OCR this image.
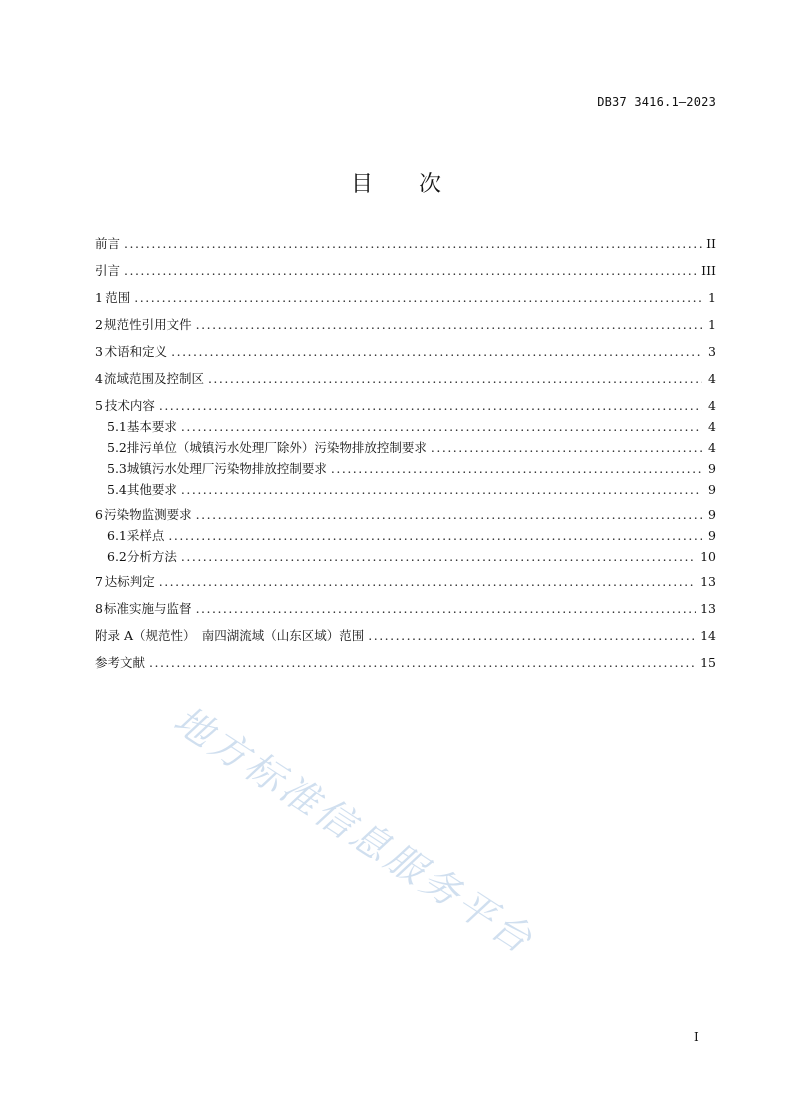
DB37 3416.1—2023
目 次
前言 .....	II
引言 .....	III
1 范围 .....	1
2 规范性引用文件 .....	1
3 术语和定义 .....	3
4 流域范围及控制区 .....	4
5 技术内容 .....	4
5.1 基本要求 .....	4
5.2 排污单位（城镇污水处理厂除外）污染物排放控制要求 .....	4
5.3 城镇污水处理厂污染物排放控制要求 .....	9
5.4 其他要求 .....	9
6 污染物监测要求 .....	9
6.1 采样点 .....	9
6.2 分析方法 .....	10
7 达标判定 .....	13
8 标准实施与监督 .....	13
附录 A（规范性）　南四湖流域（山东区域）范围 .....	14
参考文献 .....	15
地方标准信息服务平台
I
